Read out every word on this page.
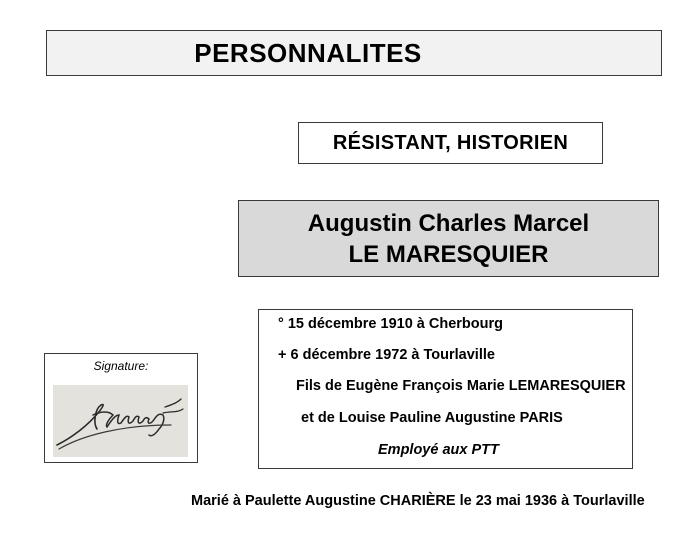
PERSONNALITES
RÉSISTANT, HISTORIEN
Augustin Charles Marcel
LE MARESQUIER
° 15 décembre 1910 à Cherbourg
+ 6 décembre 1972 à Tourlaville
Fils de Eugène François Marie LEMARESQUIER
et de Louise Pauline Augustine PARIS
Employé aux PTT
Signature:
Marié à Paulette Augustine CHARIÈRE le 23 mai 1936 à Tourlaville
